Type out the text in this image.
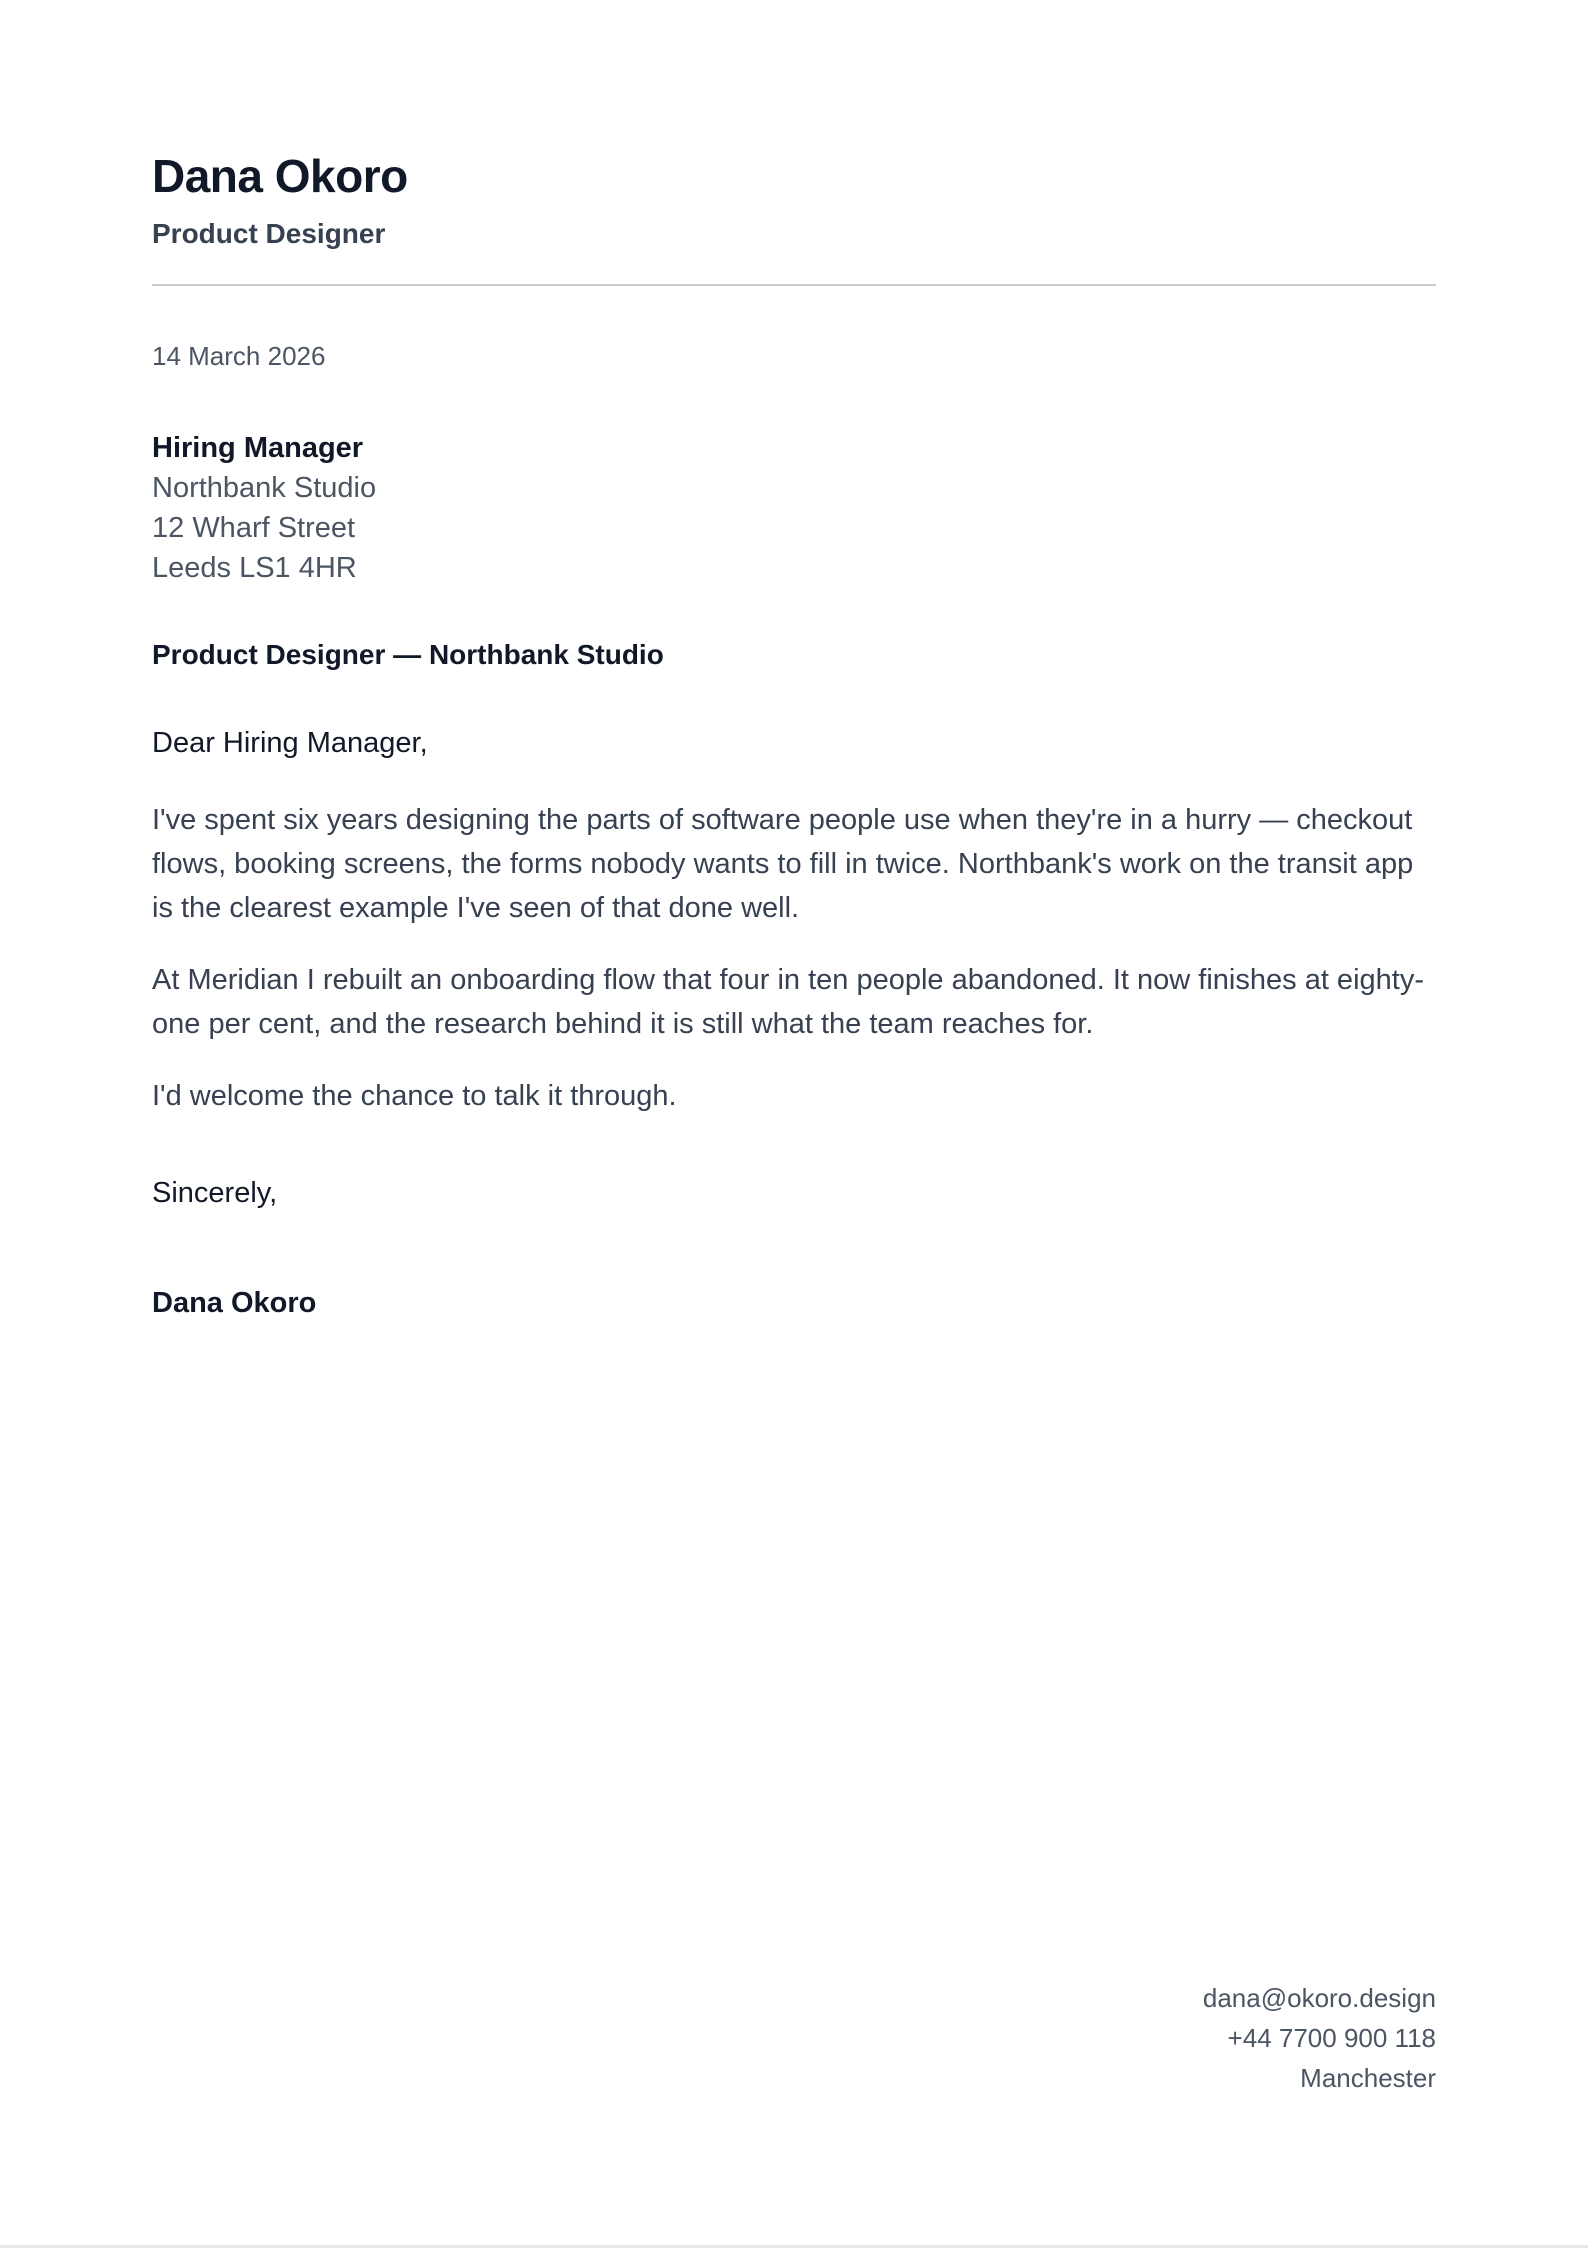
Dana Okoro
Product Designer
14 March 2026
Hiring Manager
Northbank Studio
12 Wharf Street
Leeds LS1 4HR
Product Designer — Northbank Studio
Dear Hiring Manager,

I've spent six years designing the parts of software people use when they're in a hurry — checkout flows, booking screens, the forms nobody wants to fill in twice. Northbank's work on the transit app is the clearest example I've seen of that done well.

At Meridian I rebuilt an onboarding flow that four in ten people abandoned. It now finishes at eighty-one per cent, and the research behind it is still what the team reaches for.

I'd welcome the chance to talk it through.

Sincerely,
Dana Okoro
dana@okoro.design
+44 7700 900 118
Manchester
